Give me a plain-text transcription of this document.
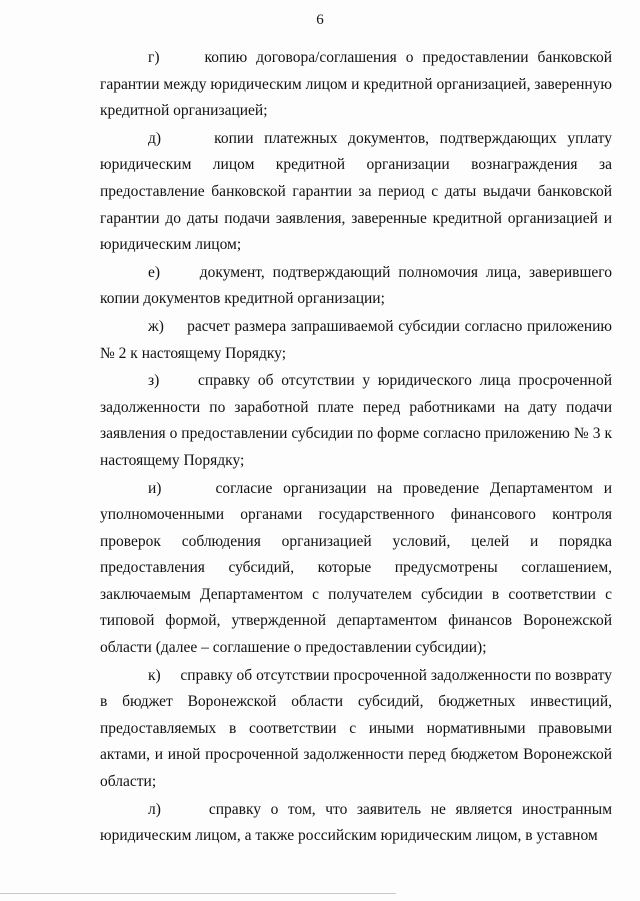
6

г)	копию договора/соглашения о предоставлении банковской гарантии между юридическим лицом и кредитной организацией, заверенную кредитной организацией;

д)	копии платежных документов, подтверждающих уплату юридическим лицом кредитной организации вознаграждения за предоставление банковской гарантии за период с даты выдачи банковской гарантии до даты подачи заявления, заверенные кредитной организацией и юридическим лицом;

е)	документ, подтверждающий полномочия лица, заверившего копии документов кредитной организации;

ж) расчет размера запрашиваемой субсидии согласно приложению № 2 к настоящему Порядку;

з) справку об отсутствии у юридического лица просроченной задолженности по заработной плате перед работниками на дату подачи заявления о предоставлении субсидии по форме согласно приложению № 3 к настоящему Порядку;

и)	согласие организации на проведение Департаментом и уполномоченными органами государственного финансового контроля проверок соблюдения организацией условий, целей и порядка предоставления субсидий, которые предусмотрены соглашением, заключаемым Департаментом с получателем субсидии в соответствии с типовой формой, утвержденной департаментом финансов Воронежской области (далее – соглашение о предоставлении субсидии);

к) справку об отсутствии просроченной задолженности по возврату в бюджет Воронежской области субсидий, бюджетных инвестиций, предоставляемых в соответствии с иными нормативными правовыми актами, и иной просроченной задолженности перед бюджетом Воронежской области;

л)	справку о том, что заявитель не является иностранным юридическим лицом, а также российским юридическим лицом, в уставном
